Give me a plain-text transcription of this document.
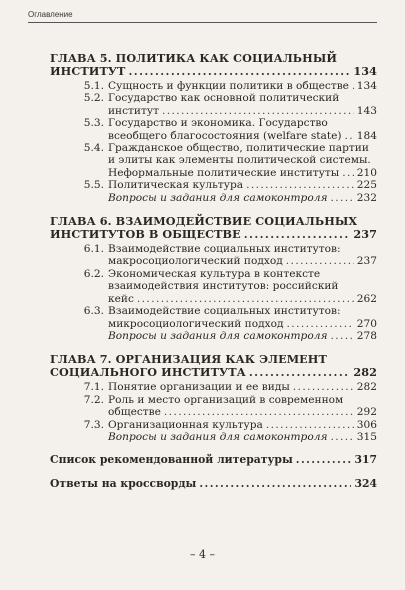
Оглавление
ГЛАВА 5. ПОЛИТИКА КАК СОЦИАЛЬНЫЙ
ИНСТИТУТ .....	134
5.1. Сущность и функции политики в обществе ..... 134
5.2. Государство как основной политический
институт .....	143
5.3. Государство и экономика. Государство
всеобщего благосостояния (welfare state) ..... 184
5.4. Гражданское общество, политические партии
и элиты как элементы политической системы.
Неформальные политические институты ..... 210
5.5. Политическая культура .....	225
Вопросы и задания для самоконтроля .....	232
ГЛАВА 6. ВЗАИМОДЕЙСТВИЕ СОЦИАЛЬНЫХ
ИНСТИТУТОВ В ОБЩЕСТВЕ .....	237
6.1. Взаимодействие социальных институтов:
макросоциологический подход .....	237
6.2. Экономическая культура в контексте
взаимодействия институтов: российский
кейс .....	262
6.3. Взаимодействие социальных институтов:
микросоциологический подход .....	270
Вопросы и задания для самоконтроля .....	278
ГЛАВА 7. ОРГАНИЗАЦИЯ КАК ЭЛЕМЕНТ
СОЦИАЛЬНОГО ИНСТИТУТА .....	282
7.1. Понятие организации и ее виды .....	282
7.2. Роль и место организаций в современном
обществе .....	292
7.3. Организационная культура .....	306
Вопросы и задания для самоконтроля .....	315
Список рекомендованной литературы .....	317
Ответы на кроссворды .....	324
– 4 –
